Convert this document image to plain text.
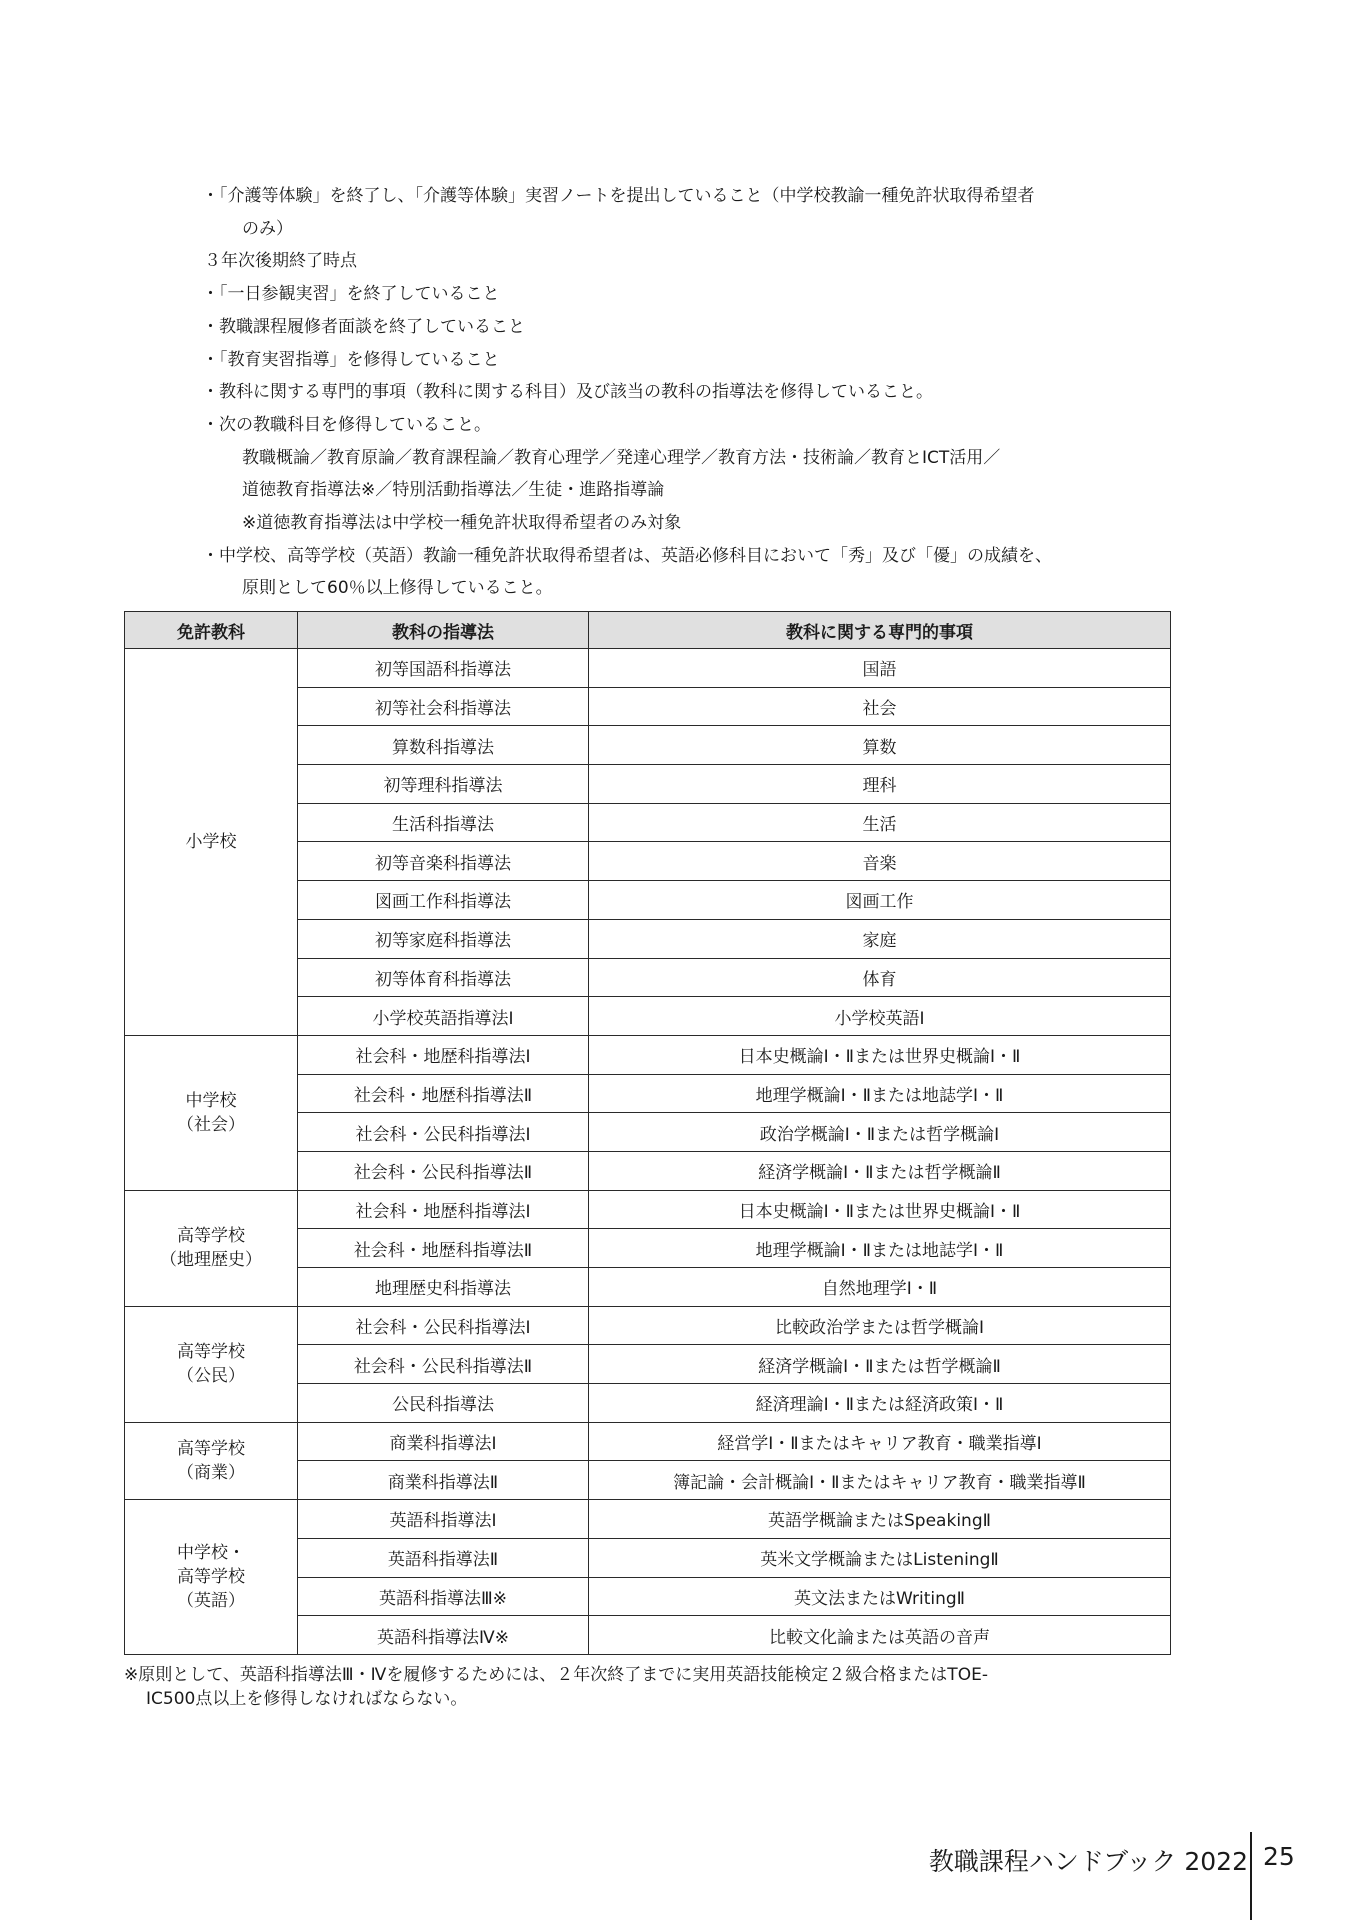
・「介護等体験」を終了し、「介護等体験」実習ノートを提出していること（中学校教諭一種免許状取得希望者
のみ）
３年次後期終了時点
・「一日参観実習」を終了していること
・教職課程履修者面談を終了していること
・「教育実習指導」を修得していること
・教科に関する専門的事項（教科に関する科目）及び該当の教科の指導法を修得していること。
・次の教職科目を修得していること。
教職概論／教育原論／教育課程論／教育心理学／発達心理学／教育方法・技術論／教育とICT活用／
道徳教育指導法※／特別活動指導法／生徒・進路指導論
※道徳教育指導法は中学校一種免許状取得希望者のみ対象
・中学校、高等学校（英語）教諭一種免許状取得希望者は、英語必修科目において「秀」及び「優」の成績を、
原則として60％以上修得していること。
免許教科	教科の指導法	教科に関する専門的事項

小学校	初等国語科指導法	国語
	初等社会科指導法	社会
	算数科指導法	算数
	初等理科指導法	理科
	生活科指導法	生活
	初等音楽科指導法	音楽
	図画工作科指導法	図画工作
	初等家庭科指導法	家庭
	初等体育科指導法	体育
	小学校英語指導法Ⅰ	小学校英語Ⅰ

中学校
（社会）	社会科・地歴科指導法Ⅰ	日本史概論Ⅰ・Ⅱまたは世界史概論Ⅰ・Ⅱ
	社会科・地歴科指導法Ⅱ	地理学概論Ⅰ・Ⅱまたは地誌学Ⅰ・Ⅱ
	社会科・公民科指導法Ⅰ	政治学概論Ⅰ・Ⅱまたは哲学概論Ⅰ
	社会科・公民科指導法Ⅱ	経済学概論Ⅰ・Ⅱまたは哲学概論Ⅱ

高等学校
（地理歴史）	社会科・地歴科指導法Ⅰ	日本史概論Ⅰ・Ⅱまたは世界史概論Ⅰ・Ⅱ
	社会科・地歴科指導法Ⅱ	地理学概論Ⅰ・Ⅱまたは地誌学Ⅰ・Ⅱ
	地理歴史科指導法	自然地理学Ⅰ・Ⅱ

高等学校
（公民）	社会科・公民科指導法Ⅰ	比較政治学または哲学概論Ⅰ
	社会科・公民科指導法Ⅱ	経済学概論Ⅰ・Ⅱまたは哲学概論Ⅱ
	公民科指導法	経済理論Ⅰ・Ⅱまたは経済政策Ⅰ・Ⅱ

高等学校
（商業）	商業科指導法Ⅰ	経営学Ⅰ・Ⅱまたはキャリア教育・職業指導Ⅰ
	商業科指導法Ⅱ	簿記論・会計概論Ⅰ・Ⅱまたはキャリア教育・職業指導Ⅱ

中学校・
高等学校
（英語）	英語科指導法Ⅰ	英語学概論またはSpeakingⅡ
	英語科指導法Ⅱ	英米文学概論またはListeningⅡ
	英語科指導法Ⅲ※	英文法またはWritingⅡ
	英語科指導法Ⅳ※	比較文化論または英語の音声
※原則として、英語科指導法Ⅲ・Ⅳを履修するためには、２年次終了までに実用英語技能検定２級合格またはTOE-
IC500点以上を修得しなければならない。
教職課程ハンドブック 2022 25
